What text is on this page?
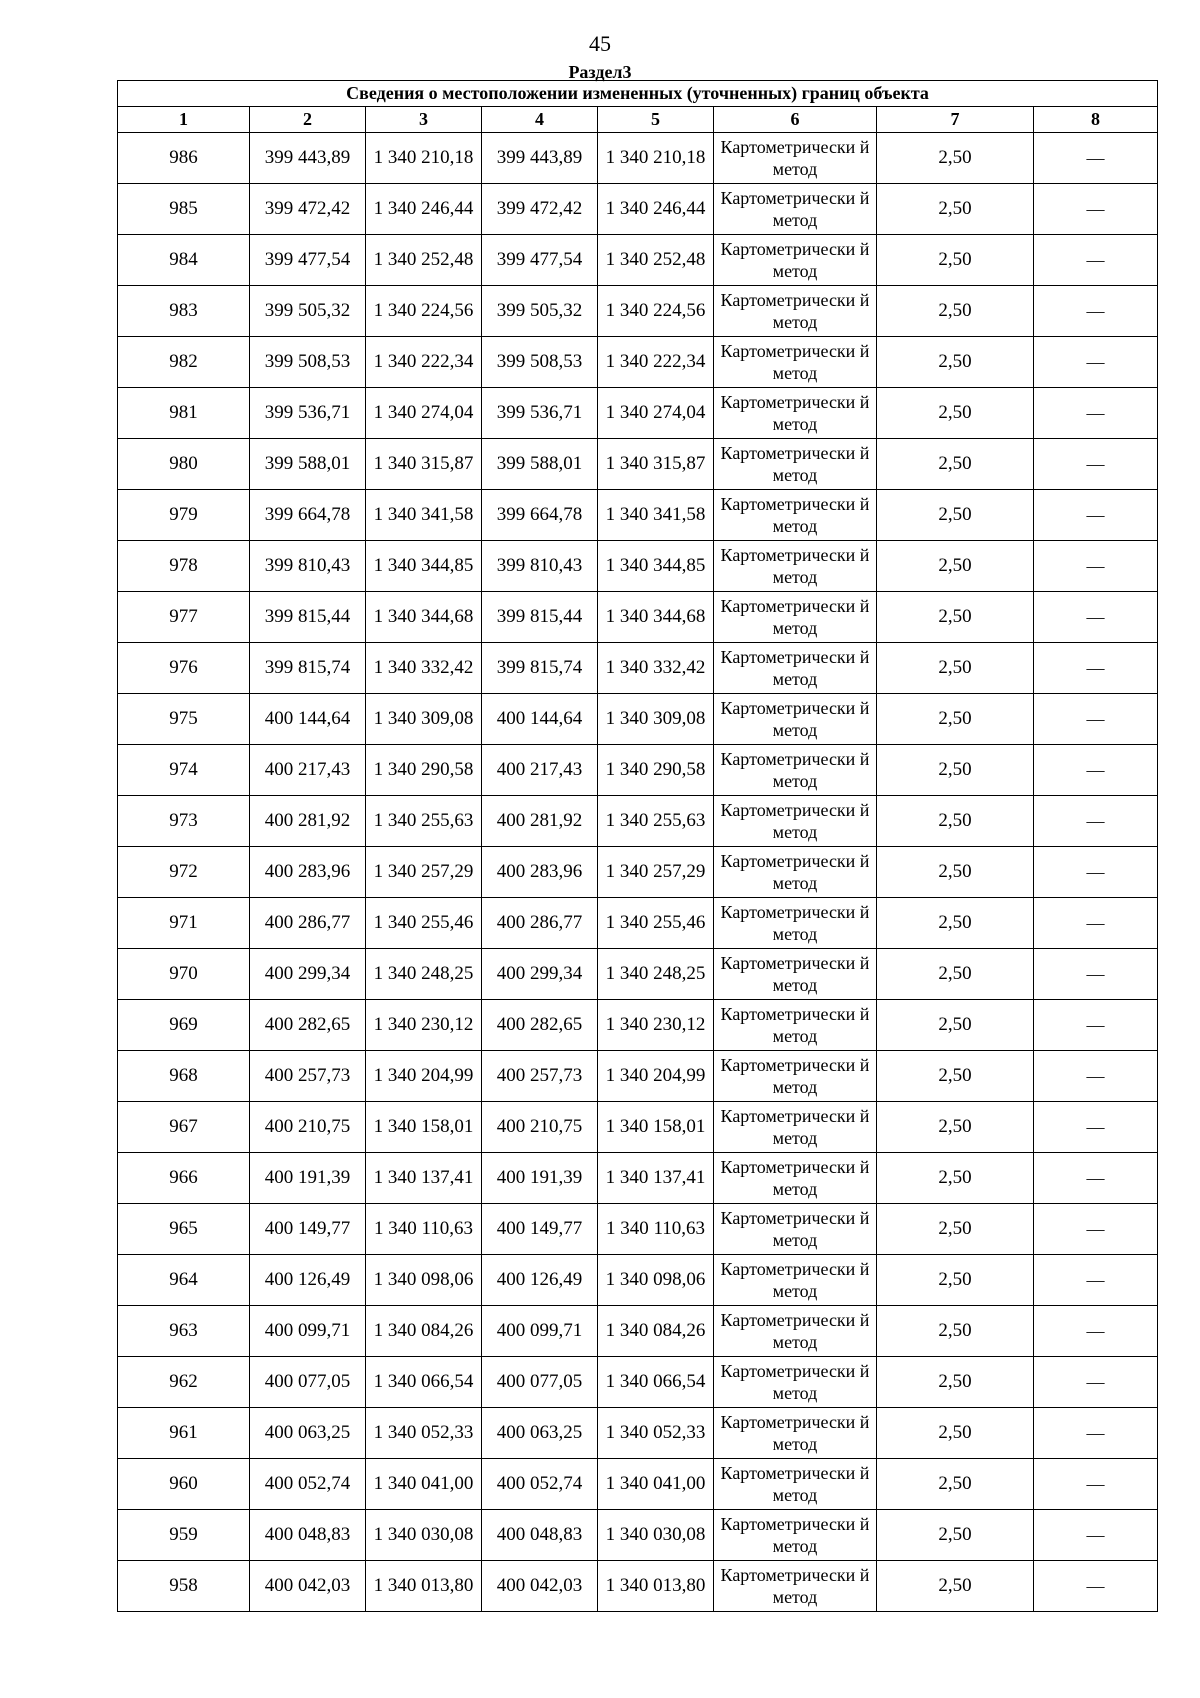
45
Раздел3
Сведения о местоположении измененных (уточненных) границ объекта							
1	2	3	4	5	6	7	8
986	399 443,89	1 340 210,18	399 443,89	1 340 210,18	Картометрически й метод	2,50	—
985	399 472,42	1 340 246,44	399 472,42	1 340 246,44	Картометрически й метод	2,50	—
984	399 477,54	1 340 252,48	399 477,54	1 340 252,48	Картометрически й метод	2,50	—
983	399 505,32	1 340 224,56	399 505,32	1 340 224,56	Картометрически й метод	2,50	—
982	399 508,53	1 340 222,34	399 508,53	1 340 222,34	Картометрически й метод	2,50	—
981	399 536,71	1 340 274,04	399 536,71	1 340 274,04	Картометрически й метод	2,50	—
980	399 588,01	1 340 315,87	399 588,01	1 340 315,87	Картометрически й метод	2,50	—
979	399 664,78	1 340 341,58	399 664,78	1 340 341,58	Картометрически й метод	2,50	—
978	399 810,43	1 340 344,85	399 810,43	1 340 344,85	Картометрически й метод	2,50	—
977	399 815,44	1 340 344,68	399 815,44	1 340 344,68	Картометрически й метод	2,50	—
976	399 815,74	1 340 332,42	399 815,74	1 340 332,42	Картометрически й метод	2,50	—
975	400 144,64	1 340 309,08	400 144,64	1 340 309,08	Картометрически й метод	2,50	—
974	400 217,43	1 340 290,58	400 217,43	1 340 290,58	Картометрически й метод	2,50	—
973	400 281,92	1 340 255,63	400 281,92	1 340 255,63	Картометрически й метод	2,50	—
972	400 283,96	1 340 257,29	400 283,96	1 340 257,29	Картометрически й метод	2,50	—
971	400 286,77	1 340 255,46	400 286,77	1 340 255,46	Картометрически й метод	2,50	—
970	400 299,34	1 340 248,25	400 299,34	1 340 248,25	Картометрически й метод	2,50	—
969	400 282,65	1 340 230,12	400 282,65	1 340 230,12	Картометрически й метод	2,50	—
968	400 257,73	1 340 204,99	400 257,73	1 340 204,99	Картометрически й метод	2,50	—
967	400 210,75	1 340 158,01	400 210,75	1 340 158,01	Картометрически й метод	2,50	—
966	400 191,39	1 340 137,41	400 191,39	1 340 137,41	Картометрически й метод	2,50	—
965	400 149,77	1 340 110,63	400 149,77	1 340 110,63	Картометрически й метод	2,50	—
964	400 126,49	1 340 098,06	400 126,49	1 340 098,06	Картометрически й метод	2,50	—
963	400 099,71	1 340 084,26	400 099,71	1 340 084,26	Картометрически й метод	2,50	—
962	400 077,05	1 340 066,54	400 077,05	1 340 066,54	Картометрически й метод	2,50	—
961	400 063,25	1 340 052,33	400 063,25	1 340 052,33	Картометрически й метод	2,50	—
960	400 052,74	1 340 041,00	400 052,74	1 340 041,00	Картометрически й метод	2,50	—
959	400 048,83	1 340 030,08	400 048,83	1 340 030,08	Картометрически й метод	2,50	—
958	400 042,03	1 340 013,80	400 042,03	1 340 013,80	Картометрически й метод	2,50	—
